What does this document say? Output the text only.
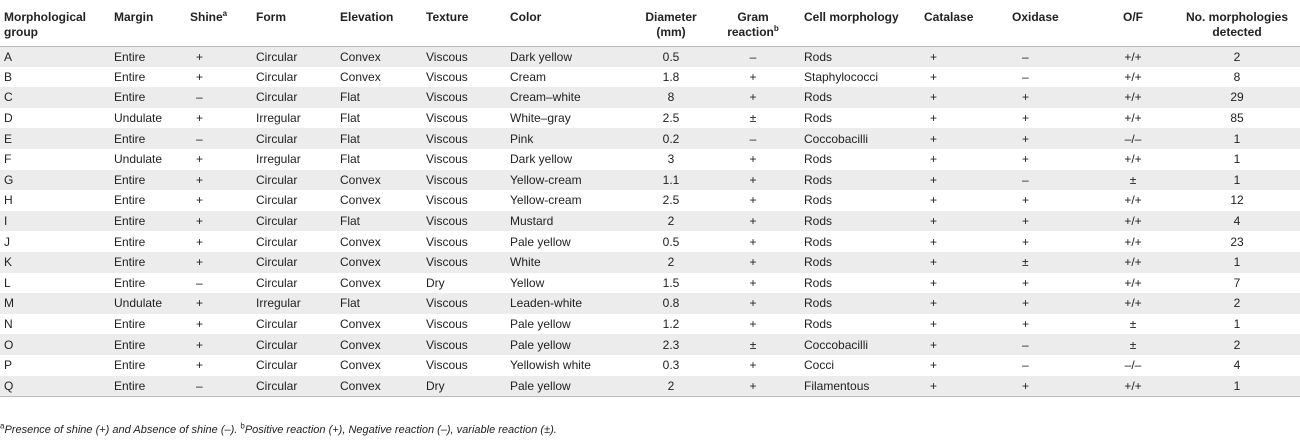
Morphological group	Margin	Shine$^a$	Form	Elevation	Texture	Color	Diameter (mm)	Gram reaction$^b$	Cell morphology	Catalase	Oxidase	O/F	No. morphologies detected
A	Entire	+	Circular	Convex	Viscous	Dark yellow	0.5	–	Rods	+	–	+/+	2
B	Entire	+	Circular	Convex	Viscous	Cream	1.8	+	Staphylococci	+	–	+/+	8
C	Entire	–	Circular	Flat	Viscous	Cream–white	8	+	Rods	+	+	+/+	29
D	Undulate	+	Irregular	Flat	Viscous	White–gray	2.5	±	Rods	+	+	+/+	85
E	Entire	–	Circular	Flat	Viscous	Pink	0.2	–	Coccobacilli	+	+	–/–	1
F	Undulate	+	Irregular	Flat	Viscous	Dark yellow	3	+	Rods	+	+	+/+	1
G	Entire	+	Circular	Convex	Viscous	Yellow-cream	1.1	+	Rods	+	–	±	1
H	Entire	+	Circular	Convex	Viscous	Yellow-cream	2.5	+	Rods	+	+	+/+	12
I	Entire	+	Circular	Flat	Viscous	Mustard	2	+	Rods	+	+	+/+	4
J	Entire	+	Circular	Convex	Viscous	Pale yellow	0.5	+	Rods	+	+	+/+	23
K	Entire	+	Circular	Convex	Viscous	White	2	+	Rods	+	±	+/+	1
L	Entire	–	Circular	Convex	Dry	Yellow	1.5	+	Rods	+	+	+/+	7
M	Undulate	+	Irregular	Flat	Viscous	Leaden-white	0.8	+	Rods	+	+	+/+	2
N	Entire	+	Circular	Convex	Viscous	Pale yellow	1.2	+	Rods	+	+	±	1
O	Entire	+	Circular	Convex	Viscous	Pale yellow	2.3	±	Coccobacilli	+	–	±	2
P	Entire	+	Circular	Convex	Viscous	Yellowish white	0.3	+	Cocci	+	–	–/–	4
Q	Entire	–	Circular	Convex	Dry	Pale yellow	2	+	Filamentous	+	+	+/+	1
$^a$Presence of shine (+) and Absence of shine (–). $^b$Positive reaction (+), Negative reaction (–), variable reaction (±).
